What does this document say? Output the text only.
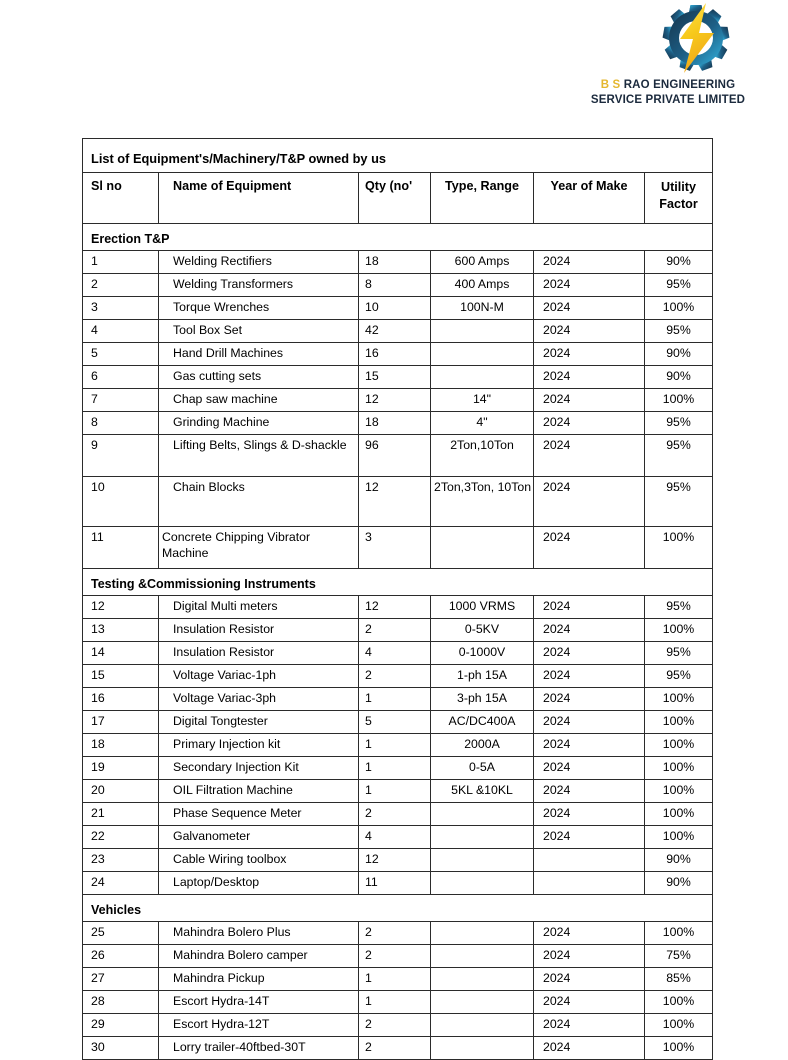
B S RAO ENGINEERING
SERVICE PRIVATE LIMITED
List of Equipment's/Machinery/T&P owned by us					
Sl no	Name of Equipment	Qty (no'	Type, Range	Year of Make	Utility
Factor
Erection T&P					
1	Welding Rectifiers	18	600 Amps	2024	90%
2	Welding Transformers	8	400 Amps	2024	95%
3	Torque Wrenches	10	100N-M	2024	100%
4	Tool Box Set	42		2024	95%
5	Hand Drill Machines	16		2024	90%
6	Gas cutting sets	15		2024	90%
7	Chap saw machine	12	14"	2024	100%
8	Grinding Machine	18	4"	2024	95%
9	Lifting Belts, Slings & D-shackle	96	2Ton,10Ton	2024	95%
10	Chain Blocks	12	2Ton,3Ton, 10Ton	2024	95%
11	Concrete Chipping Vibrator Machine	3		2024	100%
Testing &Commissioning Instruments					
12	Digital Multi meters	12	1000 VRMS	2024	95%
13	Insulation Resistor	2	0-5KV	2024	100%
14	Insulation Resistor	4	0-1000V	2024	95%
15	Voltage Variac-1ph	2	1-ph 15A	2024	95%
16	Voltage Variac-3ph	1	3-ph 15A	2024	100%
17	Digital Tongtester	5	AC/DC400A	2024	100%
18	Primary Injection kit	1	2000A	2024	100%
19	Secondary Injection Kit	1	0-5A	2024	100%
20	OIL Filtration Machine	1	5KL &10KL	2024	100%
21	Phase Sequence Meter	2		2024	100%
22	Galvanometer	4		2024	100%
23	Cable Wiring toolbox	12			90%
24	Laptop/Desktop	11			90%
Vehicles					
25	Mahindra Bolero Plus	2		2024	100%
26	Mahindra Bolero camper	2		2024	75%
27	Mahindra Pickup	1		2024	85%
28	Escort Hydra-14T	1		2024	100%
29	Escort Hydra-12T	2		2024	100%
30	Lorry trailer-40ftbed-30T	2		2024	100%
